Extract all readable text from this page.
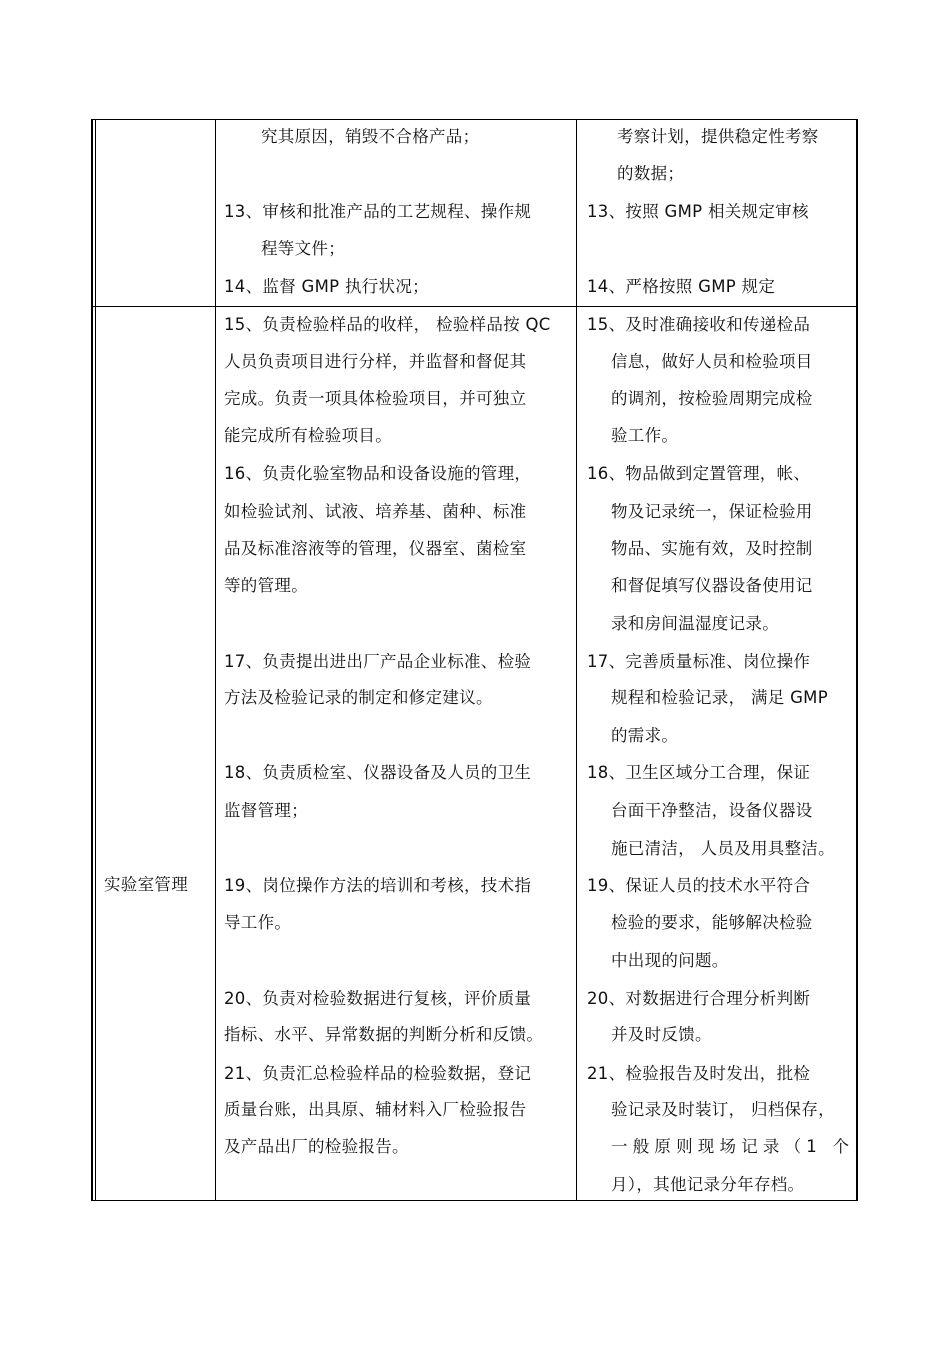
究其原因，销毁不合格产品；
13、审核和批准产品的工艺规程、操作规
程等文件；
14、监督 GMP 执行状况；
考察计划，提供稳定性考察
的数据；
13、按照 GMP 相关规定审核
14、严格按照 GMP 规定
实验室管理
15、负责检验样品的收样， 检验样品按 QC
人员负责项目进行分样，并监督和督促其
完成。负责一项具体检验项目，并可独立
能完成所有检验项目。
16、负责化验室物品和设备设施的管理，
如检验试剂、试液、培养基、菌种、标准
品及标准溶液等的管理，仪器室、菌检室
等的管理。
17、负责提出进出厂产品企业标准、检验
方法及检验记录的制定和修定建议。
18、负责质检室、仪器设备及人员的卫生
监督管理；
19、岗位操作方法的培训和考核，技术指
导工作。
20、负责对检验数据进行复核，评价质量
指标、水平、异常数据的判断分析和反馈。
21、负责汇总检验样品的检验数据，登记
质量台账，出具原、辅材料入厂检验报告
及产品出厂的检验报告。
15、及时准确接收和传递检品
信息，做好人员和检验项目
的调剂，按检验周期完成检
验工作。
16、物品做到定置管理，帐、
物及记录统一，保证检验用
物品、实施有效，及时控制
和督促填写仪器设备使用记
录和房间温湿度记录。
17、完善质量标准、岗位操作
规程和检验记录， 满足 GMP
的需求。
18、卫生区域分工合理，保证
台面干净整洁，设备仪器设
施已清洁， 人员及用具整洁。
19、保证人员的技术水平符合
检验的要求，能够解决检验
中出现的问题。
20、对数据进行合理分析判断
并及时反馈。
21、检验报告及时发出，批检
验记录及时装订， 归档保存，
一般原则现场记录（1 个
月），其他记录分年存档。
